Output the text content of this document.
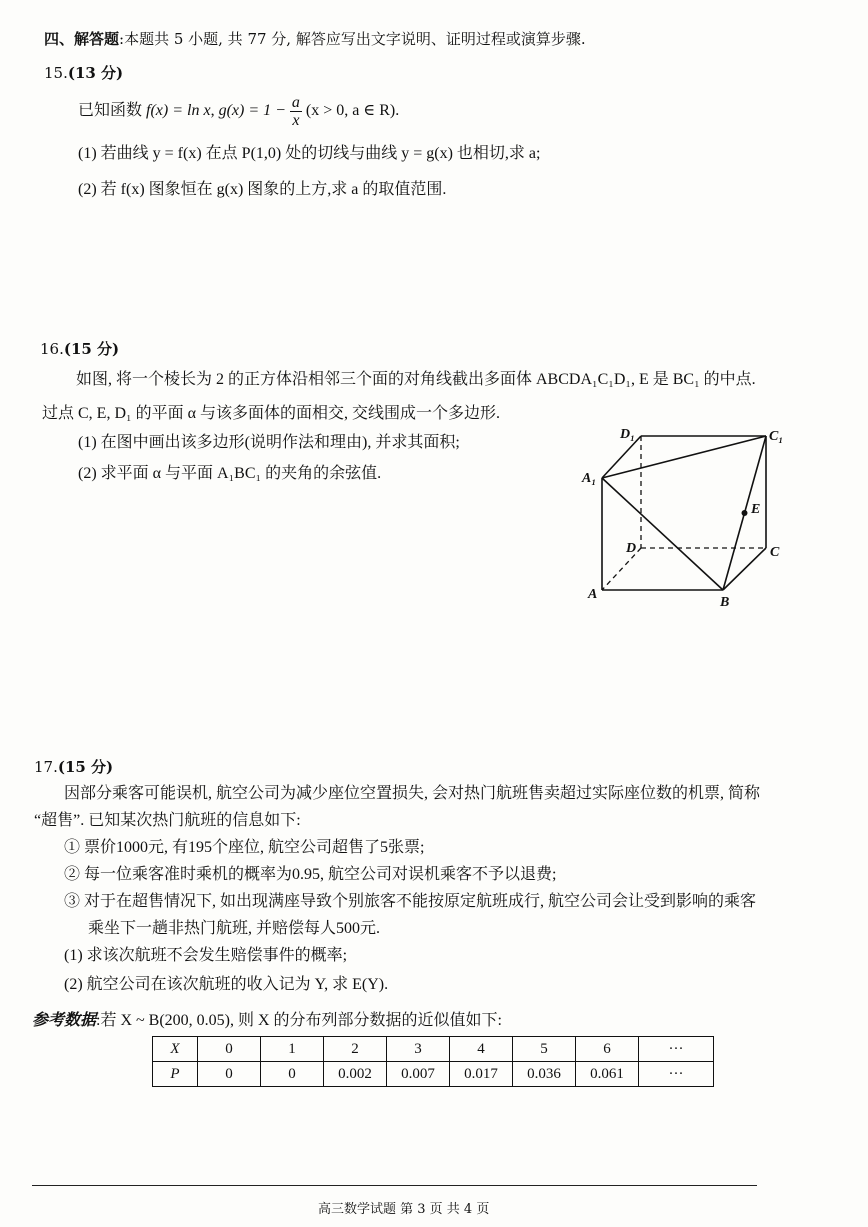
四、解答题:本题共 5 小题, 共 77 分, 解答应写出文字说明、证明过程或演算步骤.
15.(13 分)
已知函数 f(x) = ln x, $g(x) = 1 - \frac{a}{x} (x > 0$, a ∈ R).
(1) 若曲线 y = f(x) 在点 P(1,0) 处的切线与曲线 y = g(x) 也相切,求 a;
(2) 若 f(x) 图象恒在 g(x) 图象的上方,求 a 的取值范围.
16.(15 分)
如图, 将一个棱长为 2 的正方体沿相邻三个面的对角线截出多面体 ABCDA₁C₁D₁, E 是 BC₁ 的中点.
过点 C, E, D₁ 的平面 α 与该多面体的面相交, 交线围成一个多边形.
(1) 在图中画出该多边形(说明作法和理由), 并求其面积;
(2) 求平面 α 与平面 A₁BC₁ 的夹角的余弦值.
D₁	C₁
A₁
E
D	C
A
B
17.(15 分)
因部分乘客可能误机, 航空公司为减少座位空置损失, 会对热门航班售卖超过实际座位数的机票, 简称
“超售”. 已知某次热门航班的信息如下:
① 票价1000元, 有195个座位, 航空公司超售了5张票;
② 每一位乘客准时乘机的概率为0.95, 航空公司对误机乘客不予以退费;
③ 对于在超售情况下, 如出现满座导致个别旅客不能按原定航班成行, 航空公司会让受到影响的乘客
乘坐下一趟非热门航班, 并赔偿每人500元.
(1) 求该次航班不会发生赔偿事件的概率;
(2) 航空公司在该次航班的收入记为 Y, 求 E(Y).
参考数据:若 X ~ B(200, 0.05), 则 X 的分布列部分数据的近似值如下:
X	0	1	2	3	4	5	6	···
P	0	0	0.002	0.007	0.017	0.036	0.061	···
高三数学试题 第 3 页 共 4 页
